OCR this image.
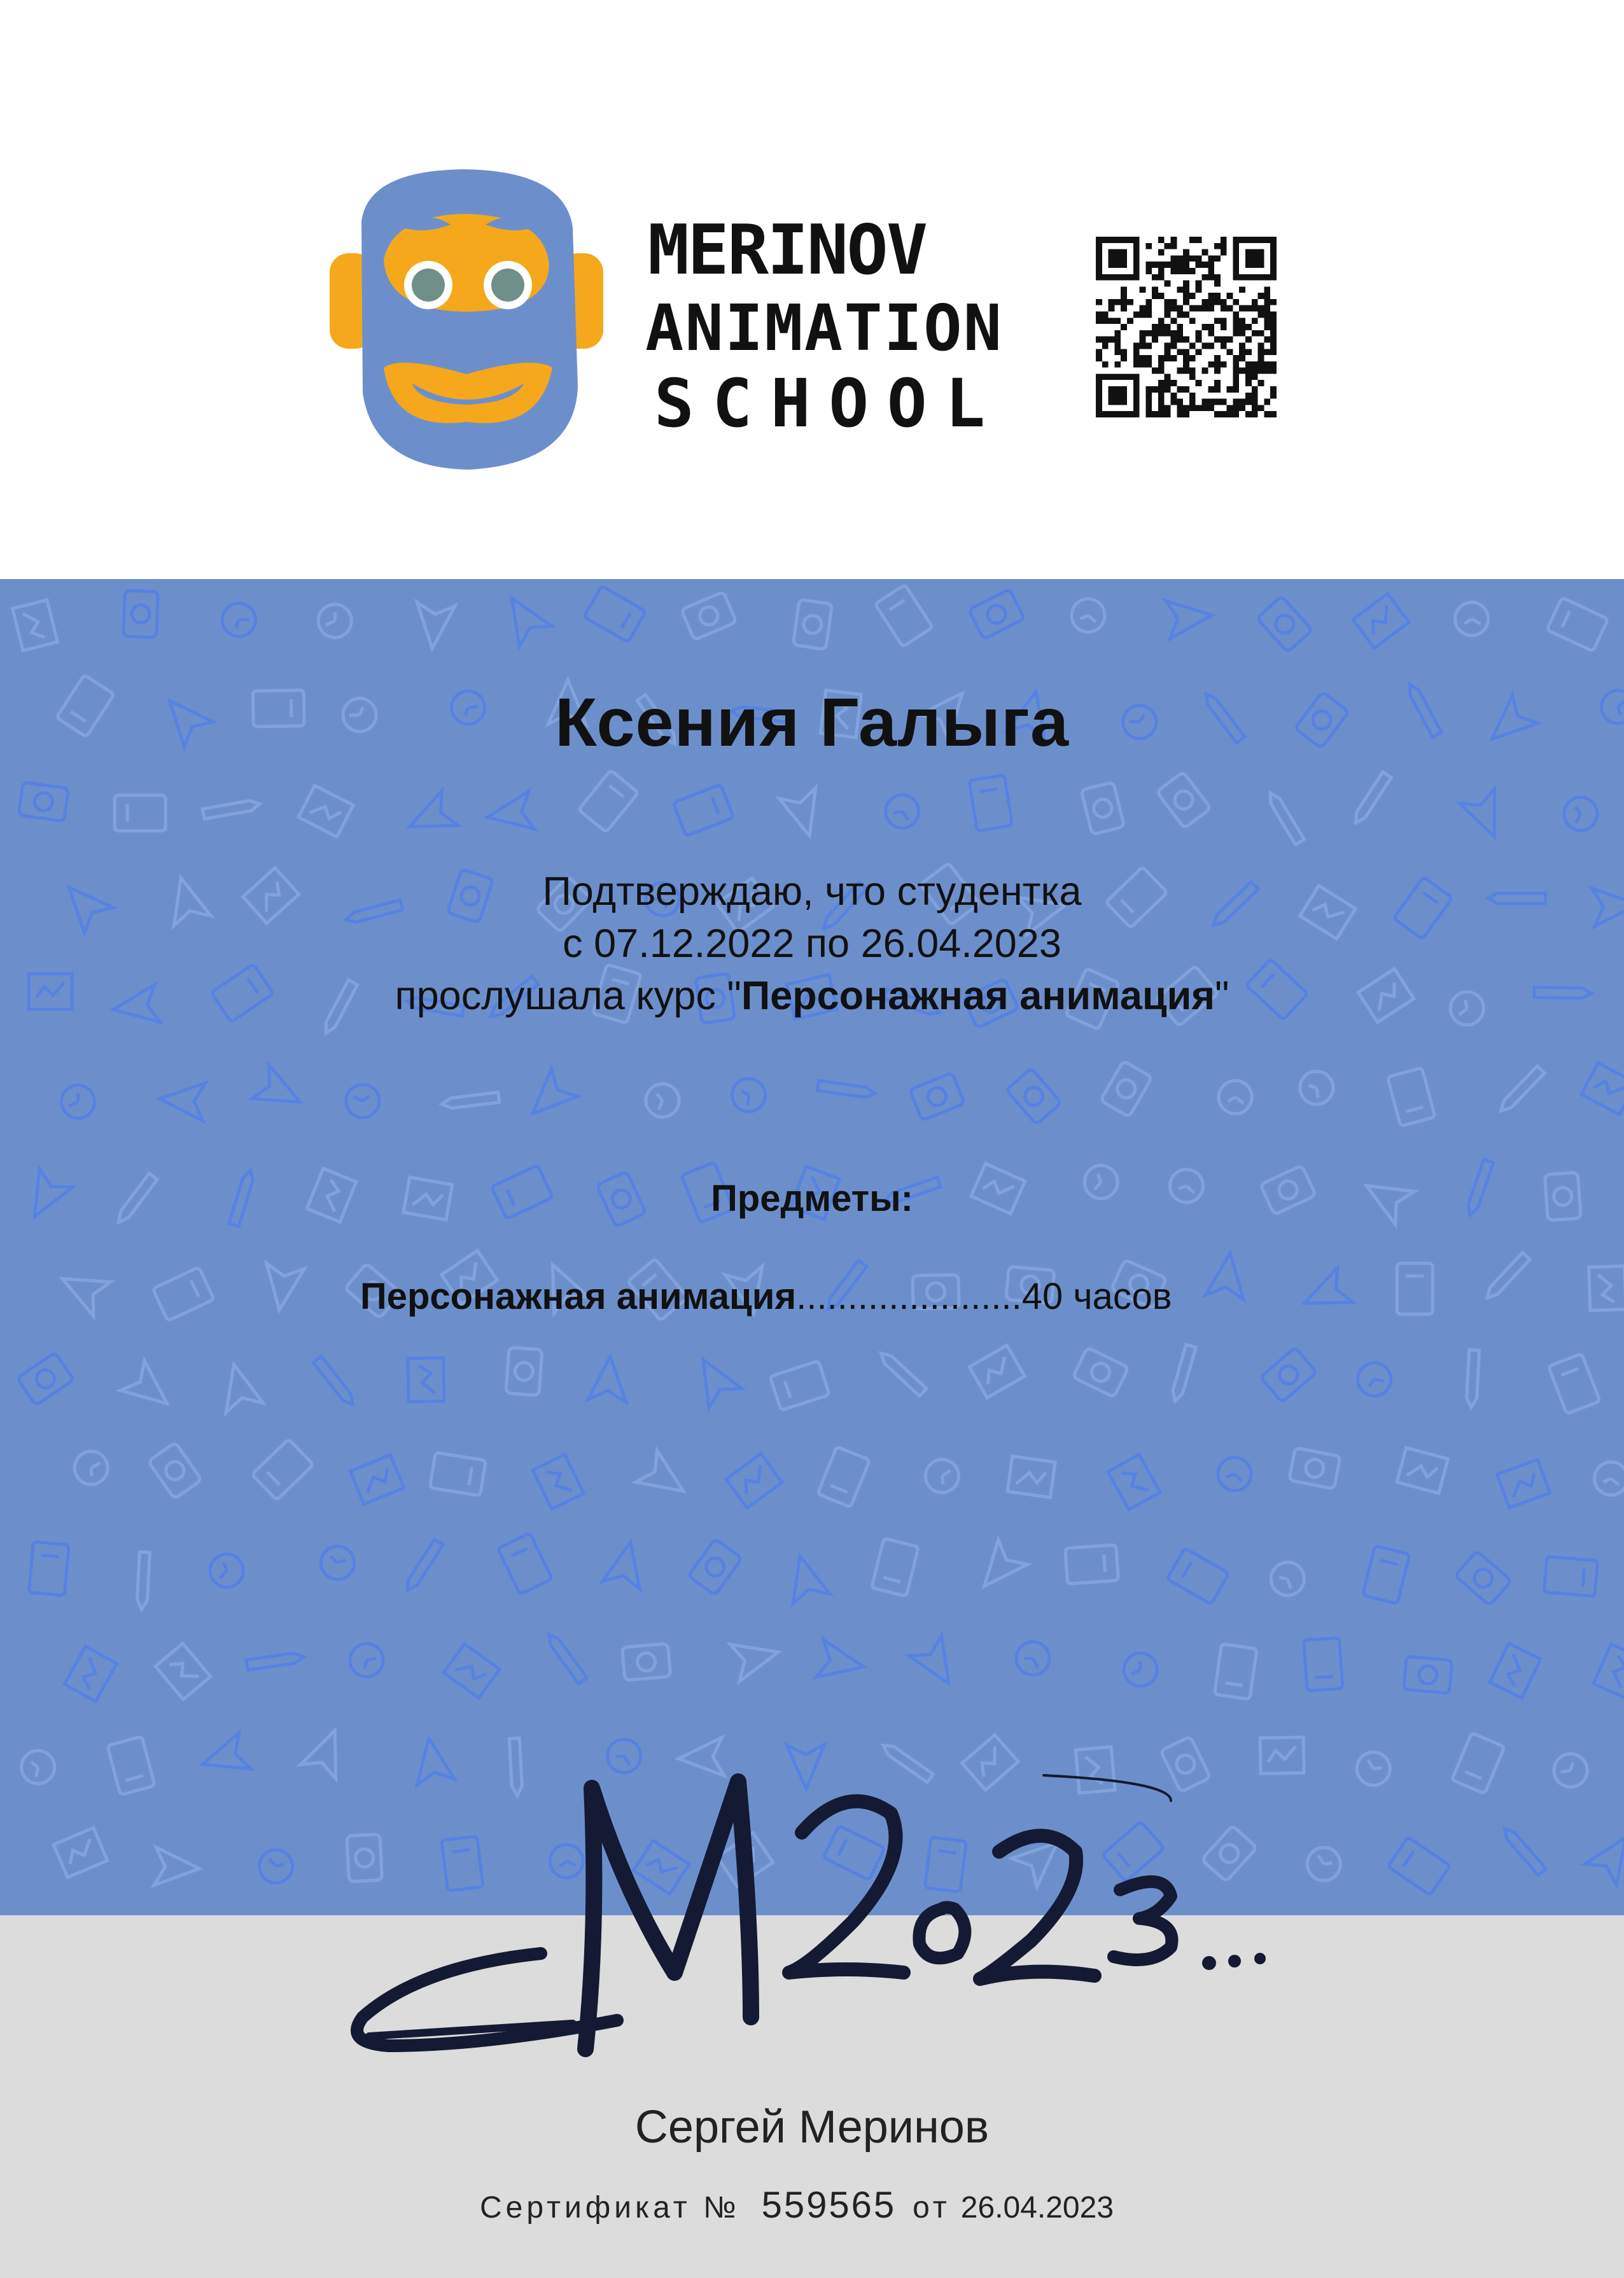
MERINOV
ANIMATION
SCHOOL
Ксения Галыга
Подтверждаю, что студентка
с 07.12.2022 по 26.04.2023
прослушала курс "Персонажная анимация"
Предметы:
Персонажная анимация......................40 часов
Сергей Меринов
Сертификат № 559565 от 26.04.2023
